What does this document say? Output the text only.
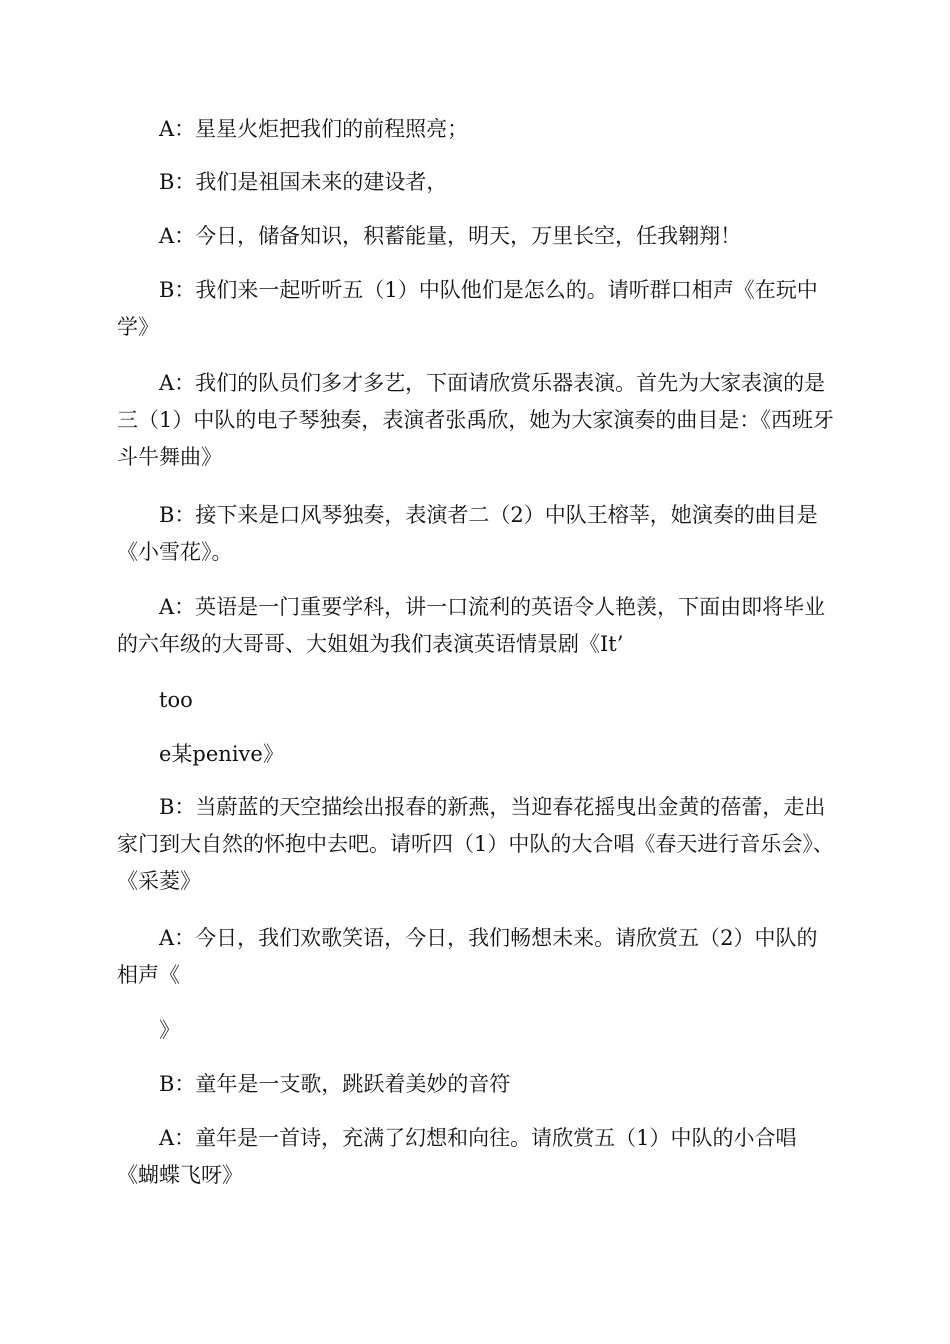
A：星星火炬把我们的前程照亮；

B：我们是祖国未来的建设者，

A：今日，储备知识，积蓄能量，明天，万里长空，任我翱翔！

B：我们来一起听听五（1）中队他们是怎么的。请听群口相声《在玩中学》

A：我们的队员们多才多艺，下面请欣赏乐器表演。首先为大家表演的是三（1）中队的电子琴独奏，表演者张禹欣，她为大家演奏的曲目是：《西班牙斗牛舞曲》

B：接下来是口风琴独奏，表演者二（2）中队王榕莘，她演奏的曲目是《小雪花》。

A：英语是一门重要学科，讲一口流利的英语令人艳羡，下面由即将毕业的六年级的大哥哥、大姐姐为我们表演英语情景剧《It’

too

e某penive》

B：当蔚蓝的天空描绘出报春的新燕，当迎春花摇曳出金黄的蓓蕾，走出家门到大自然的怀抱中去吧。请听四（1）中队的大合唱《春天进行音乐会》、《采菱》

A：今日，我们欢歌笑语，今日，我们畅想未来。请欣赏五（2）中队的相声《

》

B：童年是一支歌，跳跃着美妙的音符

A：童年是一首诗，充满了幻想和向往。请欣赏五（1）中队的小合唱《蝴蝶飞呀》
